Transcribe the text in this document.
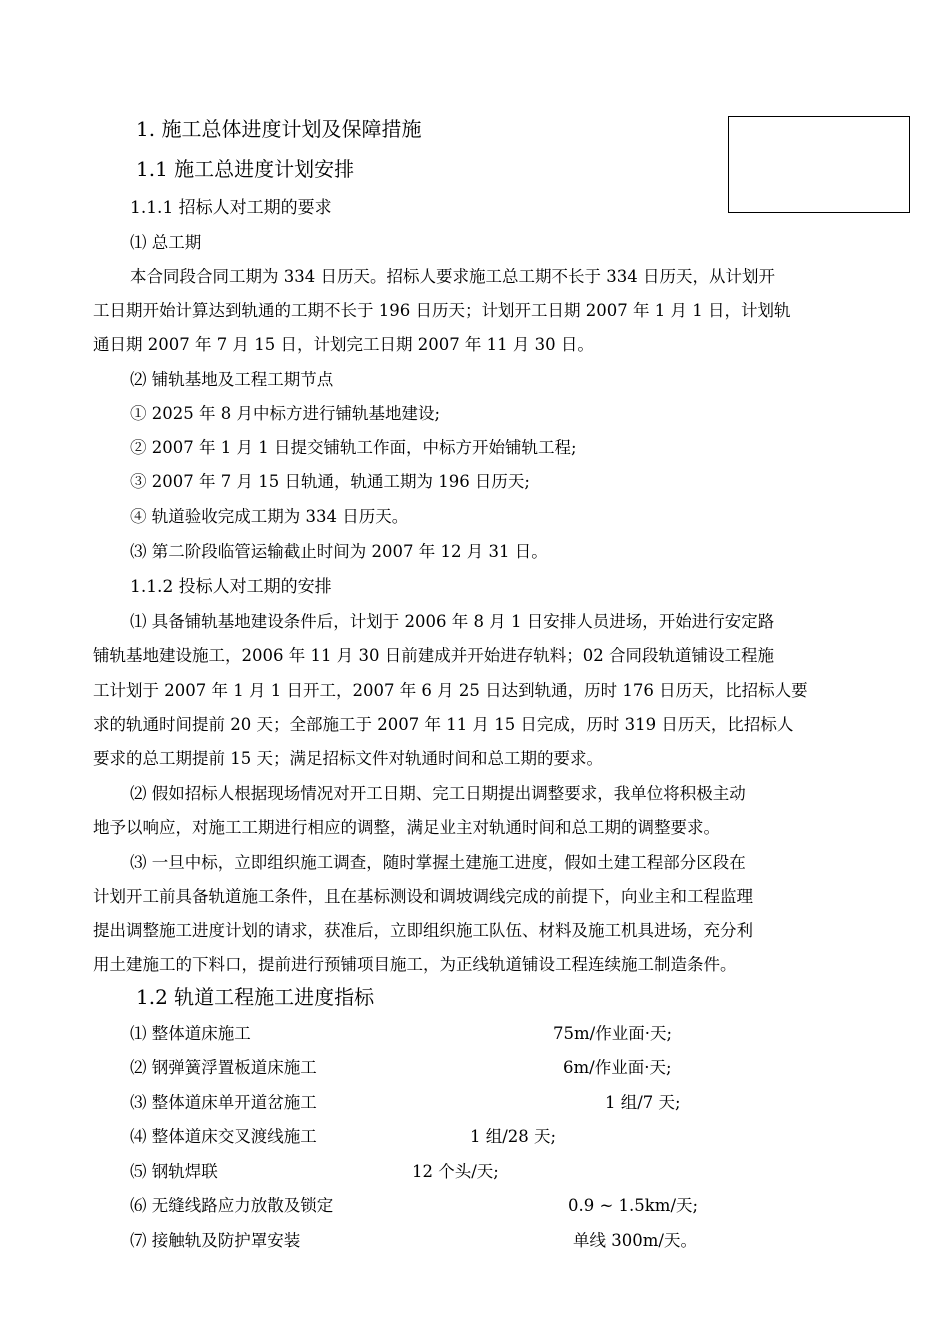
1. 施工总体进度计划及保障措施
1.1 施工总进度计划安排
1.1.1 招标人对工期的要求
⑴ 总工期
本合同段合同工期为 334 日历天。招标人要求施工总工期不长于 334 日历天，从计划开
工日期开始计算达到轨通的工期不长于 196 日历天；计划开工日期 2007 年 1 月 1 日，计划轨
通日期 2007 年 7 月 15 日，计划完工日期 2007 年 11 月 30 日。
⑵ 铺轨基地及工程工期节点
① 2025 年 8 月中标方进行铺轨基地建设;
② 2007 年 1 月 1 日提交铺轨工作面，中标方开始铺轨工程;
③ 2007 年 7 月 15 日轨通，轨通工期为 196 日历天;
④ 轨道验收完成工期为 334 日历天。
⑶ 第二阶段临管运输截止时间为 2007 年 12 月 31 日。
1.1.2 投标人对工期的安排
⑴ 具备铺轨基地建设条件后，计划于 2006 年 8 月 1 日安排人员进场，开始进行安定路
铺轨基地建设施工，2006 年 11 月 30 日前建成并开始进存轨料；02 合同段轨道铺设工程施
工计划于 2007 年 1 月 1 日开工，2007 年 6 月 25 日达到轨通，历时 176 日历天，比招标人要
求的轨通时间提前 20 天；全部施工于 2007 年 11 月 15 日完成，历时 319 日历天，比招标人
要求的总工期提前 15 天；满足招标文件对轨通时间和总工期的要求。
⑵ 假如招标人根据现场情况对开工日期、完工日期提出调整要求，我单位将积极主动
地予以响应，对施工工期进行相应的调整，满足业主对轨通时间和总工期的调整要求。
⑶ 一旦中标，立即组织施工调查，随时掌握土建施工进度，假如土建工程部分区段在
计划开工前具备轨道施工条件，且在基标测设和调坡调线完成的前提下，向业主和工程监理
提出调整施工进度计划的请求，获准后，立即组织施工队伍、材料及施工机具进场，充分利
用土建施工的下料口，提前进行预铺项目施工，为正线轨道铺设工程连续施工制造条件。
1.2 轨道工程施工进度指标
⑴ 整体道床施工	75m/作业面·天;
⑵ 钢弹簧浮置板道床施工	6m/作业面·天;
⑶ 整体道床单开道岔施工	1 组/7 天;
⑷ 整体道床交叉渡线施工	1 组/28 天;
⑸ 钢轨焊联	12 个头/天;
⑹ 无缝线路应力放散及锁定	0.9 ~ 1.5km/天;
⑺ 接触轨及防护罩安装	单线 300m/天。
